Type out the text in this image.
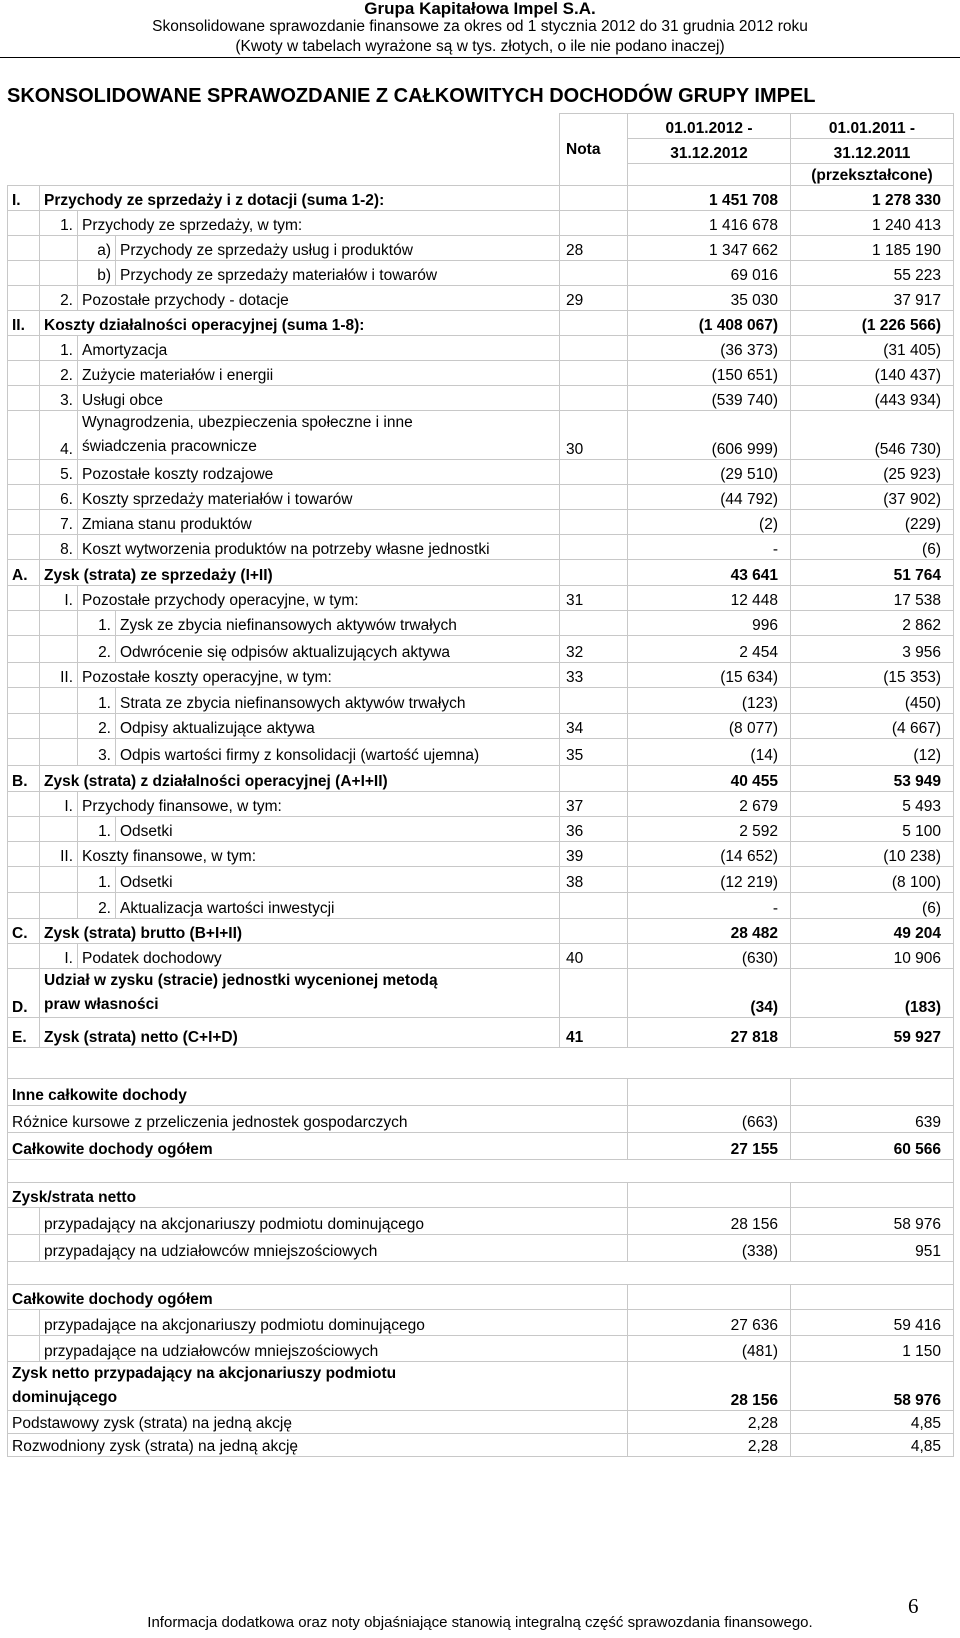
Grupa Kapitałowa Impel S.A.
Skonsolidowane sprawozdanie finansowe za okres od 1 stycznia 2012 do 31 grudnia 2012 roku
(Kwoty w tabelach wyrażone są w tys. złotych, o ile nie podano inaczej)
SKONSOLIDOWANE SPRAWOZDANIE Z CAŁKOWITYCH DOCHODÓW GRUPY IMPEL
				Nota	01.01.2012 -	01.01.2011 -
					31.12.2012	31.12.2011
						(przekształcone)
I.	Przychody ze sprzedaży i z dotacji (suma 1-2):				1 451 708	1 278 330
	1.	Przychody ze sprzedaży, w tym:			1 416 678	1 240 413
		a)	Przychody ze sprzedaży usług i produktów	28	1 347 662	1 185 190
		b)	Przychody ze sprzedaży materiałów i towarów		69 016	55 223
	2.	Pozostałe przychody - dotacje		29	35 030	37 917
II.	Koszty działalności operacyjnej (suma 1-8):				(1 408 067)	(1 226 566)
	1.	Amortyzacja			(36 373)	(31 405)
	2.	Zużycie materiałów i energii			(150 651)	(140 437)
	3.	Usługi obce			(539 740)	(443 934)
	4.	Wynagrodzenia, ubezpieczenia społeczne i inne
świadczenia pracownicze		30	(606 999)	(546 730)
	5.	Pozostałe koszty rodzajowe			(29 510)	(25 923)
	6.	Koszty sprzedaży materiałów i towarów			(44 792)	(37 902)
	7.	Zmiana stanu produktów			(2)	(229)
	8.	Koszt wytworzenia produktów na potrzeby własne jednostki			-	(6)
A.	Zysk (strata) ze sprzedaży (I+II)				43 641	51 764
	I.	Pozostałe przychody operacyjne, w tym:		31	12 448	17 538
		1.	Zysk ze zbycia niefinansowych aktywów trwałych		996	2 862
		2.	Odwrócenie się odpisów aktualizujących aktywa	32	2 454	3 956
	II.	Pozostałe koszty operacyjne, w tym:		33	(15 634)	(15 353)
		1.	Strata ze zbycia niefinansowych aktywów trwałych		(123)	(450)
		2.	Odpisy aktualizujące aktywa	34	(8 077)	(4 667)
		3.	Odpis wartości firmy z konsolidacji (wartość ujemna)	35	(14)	(12)
B.	Zysk (strata) z działalności operacyjnej (A+I+II)				40 455	53 949
	I.	Przychody finansowe, w tym:		37	2 679	5 493
		1.	Odsetki	36	2 592	5 100
	II.	Koszty finansowe, w tym:		39	(14 652)	(10 238)
		1.	Odsetki	38	(12 219)	(8 100)
		2.	Aktualizacja wartości inwestycji		-	(6)
C.	Zysk (strata) brutto (B+I+II)				28 482	49 204
	I.	Podatek dochodowy		40	(630)	10 906
D.	Udział w zysku (stracie) jednostki wycenionej metodą
praw własności				(34)	(183)
E.	Zysk (strata) netto (C+I+D)			41	27 818	59 927

Inne całkowite dochody						
Różnice kursowe z przeliczenia jednostek gospodarczych					(663)	639
Całkowite dochody ogółem					27 155	60 566

Zysk/strata netto						
	przypadający na akcjonariuszy podmiotu dominującego				28 156	58 976
	przypadający na udziałowców mniejszościowych				(338)	951

Całkowite dochody ogółem						
	przypadające na akcjonariuszy podmiotu dominującego				27 636	59 416
	przypadające na udziałowców mniejszościowych				(481)	1 150
Zysk netto przypadający na akcjonariuszy podmiotu
dominującego					28 156	58 976
Podstawowy zysk (strata) na jedną akcję					2,28	4,85
Rozwodniony zysk (strata) na jedną akcję					2,28	4,85
6
Informacja dodatkowa oraz noty objaśniające stanowią integralną część sprawozdania finansowego.
